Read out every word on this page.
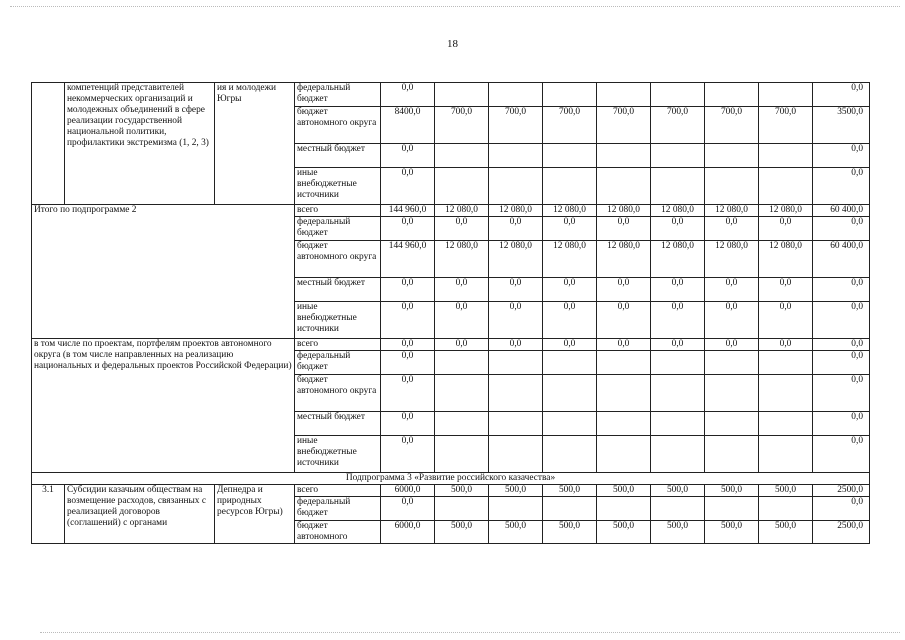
18
	компетенций представителей некоммерческих организаций и молодежных объединений в сфере реализации государственной национальной политики, профилактики экстремизма (1, 2, 3)	ия и молодежи Югры	федеральный бюджет	0,0								0,0
			бюджет автономного округа	8400,0	700,0	700,0	700,0	700,0	700,0	700,0	700,0	3500,0
			местный бюджет	0,0								0,0
			иные внебюджетные источники	0,0								0,0
Итого по подпрограмме 2			всего	144 960,0	12 080,0	12 080,0	12 080,0	12 080,0	12 080,0	12 080,0	12 080,0	60 400,0
			федеральный бюджет	0,0	0,0	0,0	0,0	0,0	0,0	0,0	0,0	0,0
			бюджет автономного округа	144 960,0	12 080,0	12 080,0	12 080,0	12 080,0	12 080,0	12 080,0	12 080,0	60 400,0
			местный бюджет	0,0	0,0	0,0	0,0	0,0	0,0	0,0	0,0	0,0
			иные внебюджетные источники	0,0	0,0	0,0	0,0	0,0	0,0	0,0	0,0	0,0
в том числе по проектам, портфелям проектов автономного округа (в том числе направленных на реализацию национальных и федеральных проектов Российской Федерации)			всего	0,0	0,0	0,0	0,0	0,0	0,0	0,0	0,0	0,0
			федеральный бюджет	0,0								0,0
			бюджет автономного округа	0,0								0,0
			местный бюджет	0,0								0,0
			иные внебюджетные источники	0,0								0,0
Подпрограмма 3 «Развитие российского казачества»												
3.1	Субсидии казачьим обществам на возмещение расходов, связанных с реализацией договоров (соглашений) с органами	Депнедра и природных ресурсов Югры)	всего	6000,0	500,0	500,0	500,0	500,0	500,0	500,0	500,0	2500,0
			федеральный бюджет	0,0								0,0
			бюджет автономного	6000,0	500,0	500,0	500,0	500,0	500,0	500,0	500,0	2500,0
